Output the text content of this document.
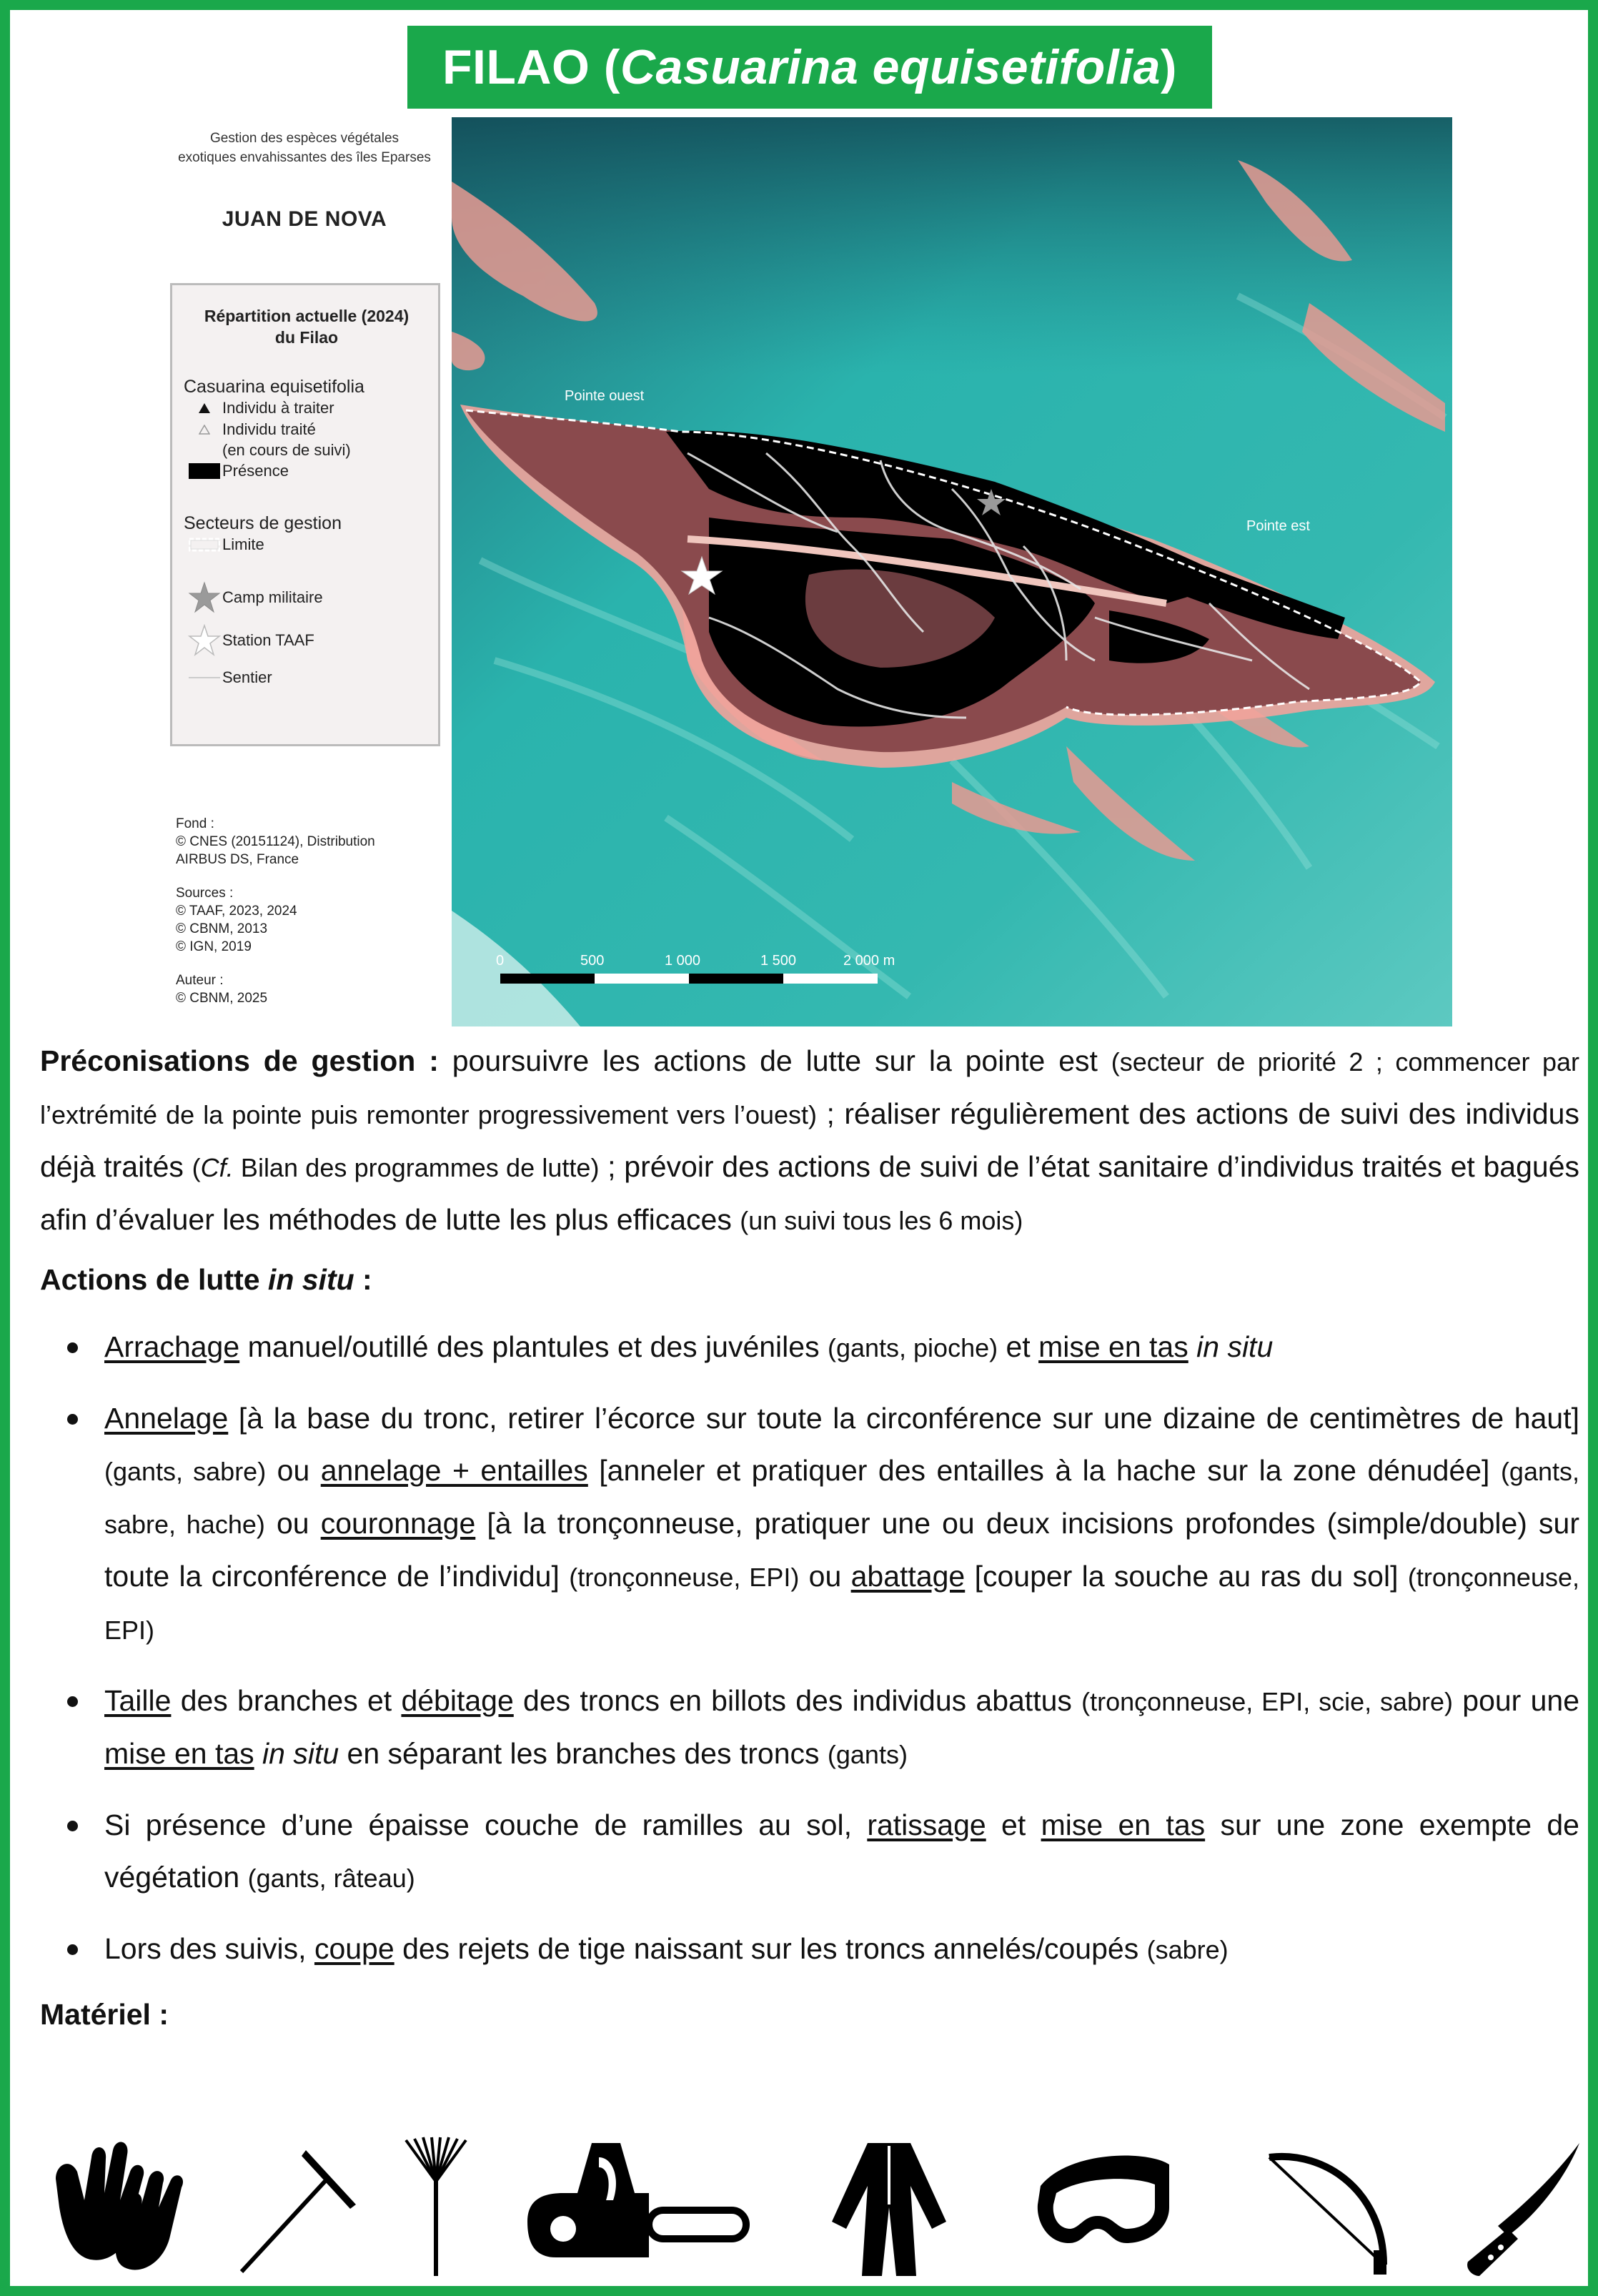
FILAO ( Casuarina equisetifolia )
Gestion des espèces végétales
exotiques envahissantes des îles Eparses
JUAN DE NOVA
Répartition actuelle (2024)
du Filao
Casuarina equisetifolia
Individu à traiter
Individu traité
(en cours de suivi)
Présence
Secteurs de gestion
Limite
Camp militaire
Station TAAF
Sentier
Fond :
© CNES (20151124), Distribution
AIRBUS DS, France
Sources :
© TAAF, 2023, 2024
© CBNM, 2013
© IGN, 2019
Auteur :
© CBNM, 2025
Pointe ouest
Pointe est
0	500	1 000	1 500	2 000 m

Préconisations de gestion : poursuivre les actions de lutte sur la pointe est (secteur de priorité 2 ; commencer par l’extrémité de la pointe puis remonter progressivement vers l’ouest) ; réaliser régulièrement des actions de suivi des individus déjà traités (Cf. Bilan des programmes de lutte) ; prévoir des actions de suivi de l’état sanitaire d’individus traités et bagués afin d’évaluer les méthodes de lutte les plus efficaces (un suivi tous les 6 mois)

Actions de lutte in situ :
Arrachage manuel/outillé des plantules et des juvéniles (gants, pioche) et mise en tas in situ
Annelage [à la base du tronc, retirer l’écorce sur toute la circonférence sur une dizaine de centimètres de haut] (gants, sabre) ou annelage + entailles [anneler et pratiquer des entailles à la hache sur la zone dénudée] (gants, sabre, hache) ou couronnage [à la tronçonneuse, pratiquer une ou deux incisions profondes (simple/double) sur toute la circonférence de l’individu] (tronçonneuse, EPI) ou abattage [couper la souche au ras du sol] (tronçonneuse, EPI)
Taille des branches et débitage des troncs en billots des individus abattus (tronçonneuse, EPI, scie, sabre) pour une mise en tas in situ en séparant les branches des troncs (gants)
Si présence d’une épaisse couche de ramilles au sol, ratissage et mise en tas sur une zone exempte de végétation (gants, râteau)
Lors des suivis, coupe des rejets de tige naissant sur les troncs annelés/coupés (sabre)
Matériel :
